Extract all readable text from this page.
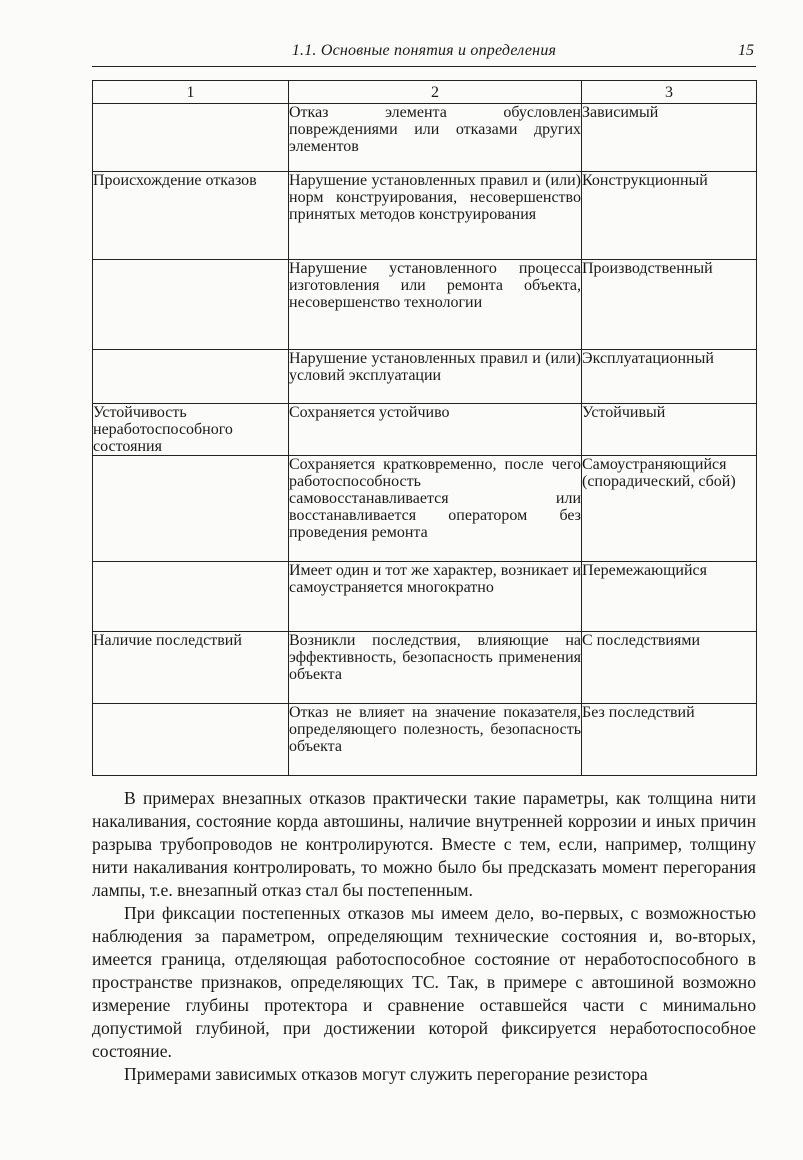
1.1. Основные понятия и определения	15
1	2	3
	Отказ элемента обусловлен повреждениями или отказами других элементов	Зависимый
Происхождение отказов	Нарушение установленных правил и (или) норм конструирования, несовершенство принятых методов конструирования	Конструкционный
	Нарушение установленного процесса изготовления или ремонта объекта, несовершенство технологии	Производственный
	Нарушение установленных правил и (или) условий эксплуатации	Эксплуатационный
Устойчивость неработоспособного состояния	Сохраняется устойчиво	Устойчивый
	Сохраняется кратковременно, после чего работоспособность самовосстанавливается или восстанавливается оператором без проведения ремонта	Самоустраняющийся (спорадический, сбой)
	Имеет один и тот же характер, возникает и самоустраняется многократно	Перемежающийся
Наличие последствий	Возникли последствия, влияющие на эффективность, безопасность применения объекта	С последствиями
	Отказ не влияет на значение показателя, определяющего полезность, безопасность объекта	Без последствий

В примерах внезапных отказов практически такие параметры, как толщина нити накаливания, состояние корда автошины, наличие внутренней коррозии и иных причин разрыва трубопроводов не контролируются. Вместе с тем, если, например, толщину нити накаливания контролировать, то можно было бы предсказать момент перегорания лампы, т.е. внезапный отказ стал бы постепенным.

При фиксации постепенных отказов мы имеем дело, во-первых, с возможностью наблюдения за параметром, определяющим технические состояния и, во-вторых, имеется граница, отделяющая работоспособное состояние от неработоспособного в пространстве признаков, определяющих ТС. Так, в примере с автошиной возможно измерение глубины протектора и сравнение оставшейся части с минимально допустимой глубиной, при достижении которой фиксируется неработоспособное состояние.

Примерами зависимых отказов могут служить перегорание резистора
